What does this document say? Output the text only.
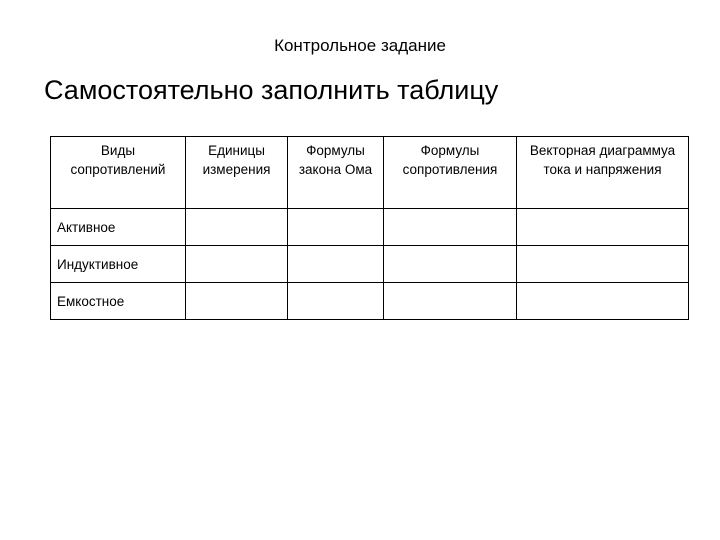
Контрольное задание
Самостоятельно заполнить таблицу
Виды сопротивлений	Единицы измерения	Формулы закона Ома	Формулы сопротивления	Векторная диаграммуа тока и напряжения

Активное				
Индуктивное				
Емкостное				
